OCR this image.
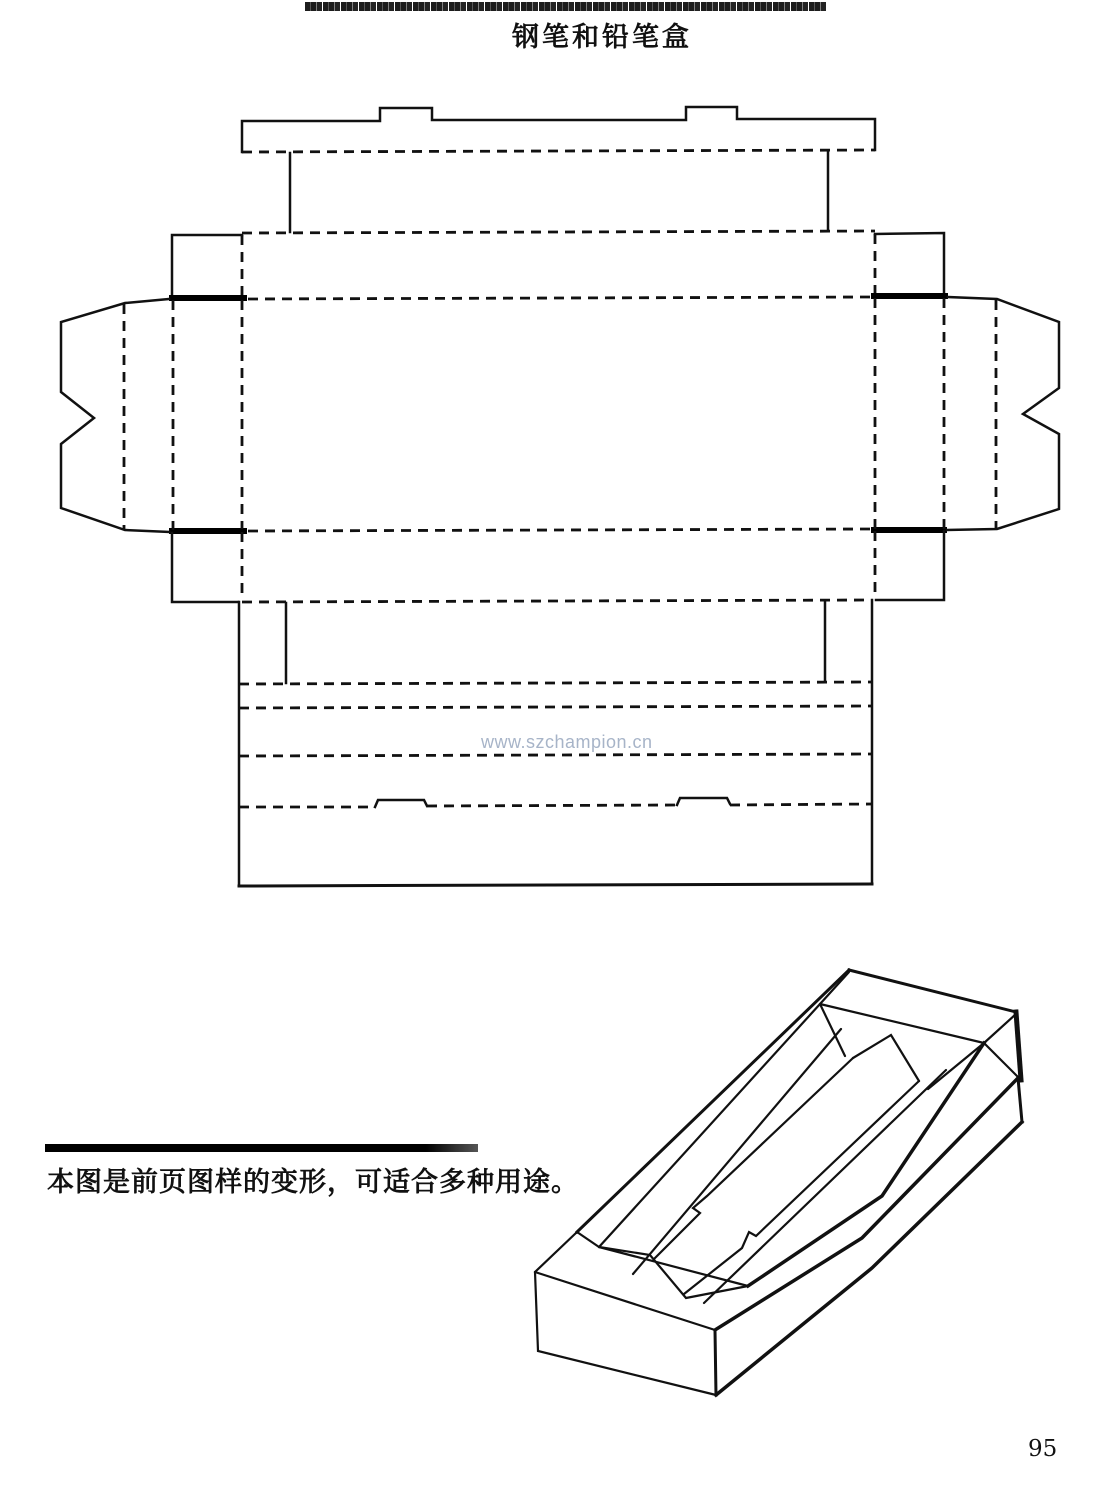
钢笔和铅笔盒
www.szchampion.cn
本图是前页图样的变形，可适合多种用途。
95
